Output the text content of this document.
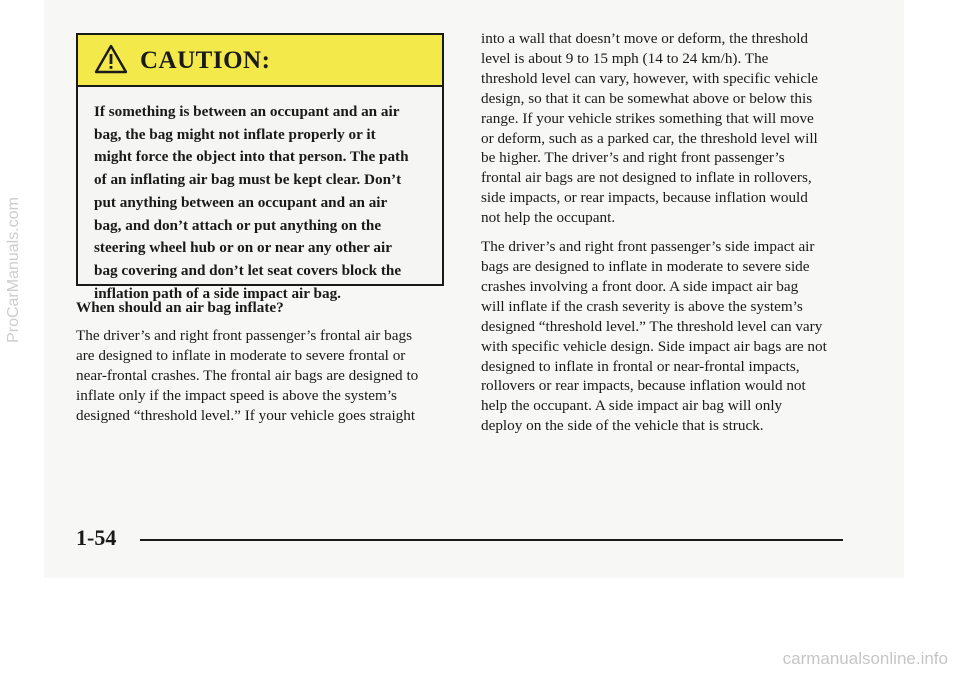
CAUTION:
If something is between an occupant and an air
bag, the bag might not inflate properly or it
might force the object into that person. The path
of an inflating air bag must be kept clear. Don’t
put anything between an occupant and an air
bag, and don’t attach or put anything on the
steering wheel hub or on or near any other air
bag covering and don’t let seat covers block the
inflation path of a side impact air bag.
When should an air bag inflate?
The driver’s and right front passenger’s frontal air bags
are designed to inflate in moderate to severe frontal or
near-frontal crashes. The frontal air bags are designed to
inflate only if the impact speed is above the system’s
designed “threshold level.” If your vehicle goes straight
into a wall that doesn’t move or deform, the threshold
level is about 9 to 15 mph (14 to 24 km/h). The
threshold level can vary, however, with specific vehicle
design, so that it can be somewhat above or below this
range. If your vehicle strikes something that will move
or deform, such as a parked car, the threshold level will
be higher. The driver’s and right front passenger’s
frontal air bags are not designed to inflate in rollovers,
side impacts, or rear impacts, because inflation would
not help the occupant.
The driver’s and right front passenger’s side impact air
bags are designed to inflate in moderate to severe side
crashes involving a front door. A side impact air bag
will inflate if the crash severity is above the system’s
designed “threshold level.” The threshold level can vary
with specific vehicle design. Side impact air bags are not
designed to inflate in frontal or near-frontal impacts,
rollovers or rear impacts, because inflation would not
help the occupant. A side impact air bag will only
deploy on the side of the vehicle that is struck.
1-54
ProCarManuals.com
carmanualsonline.info
